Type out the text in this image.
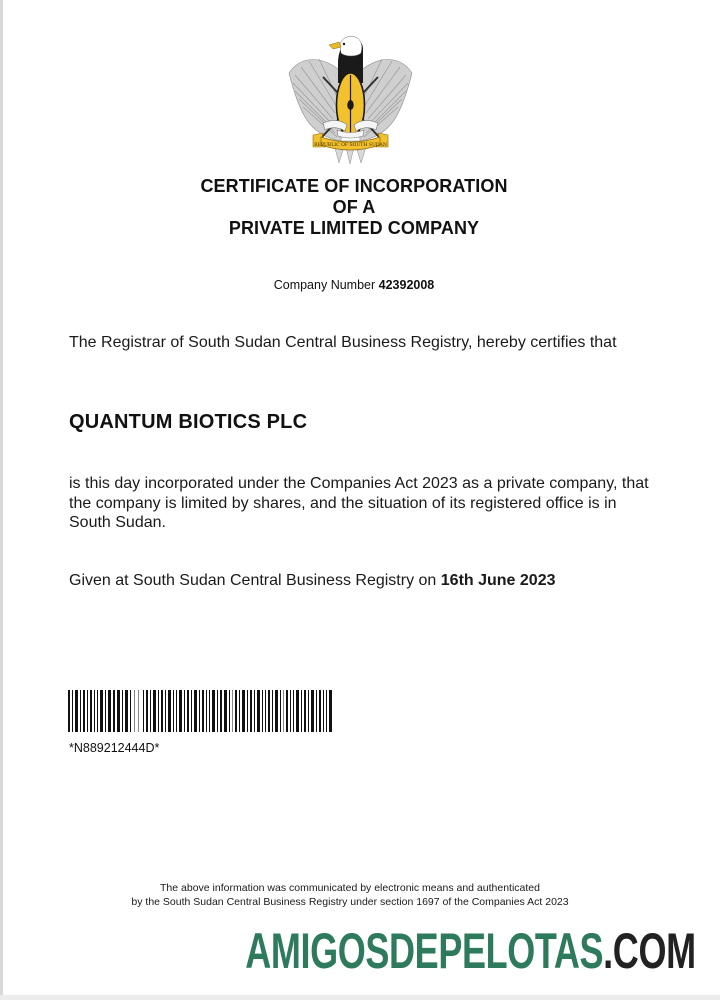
REPUBLIC OF SOUTH SUDAN
CERTIFICATE OF INCORPORATION
OF A
PRIVATE LIMITED COMPANY
Company Number 42392008
The Registrar of South Sudan Central Business Registry, hereby certifies that
QUANTUM BIOTICS PLC
is this day incorporated under the Companies Act 2023 as a private company, that the company is limited by shares, and the situation of its registered office is in South Sudan.
Given at South Sudan Central Business Registry on 16th June 2023
*N889212444D*
The above information was communicated by electronic means and authenticated
by the South Sudan Central Business Registry under section 1697 of the Companies Act 2023
AMIGOSDEPELOTAS.COM
